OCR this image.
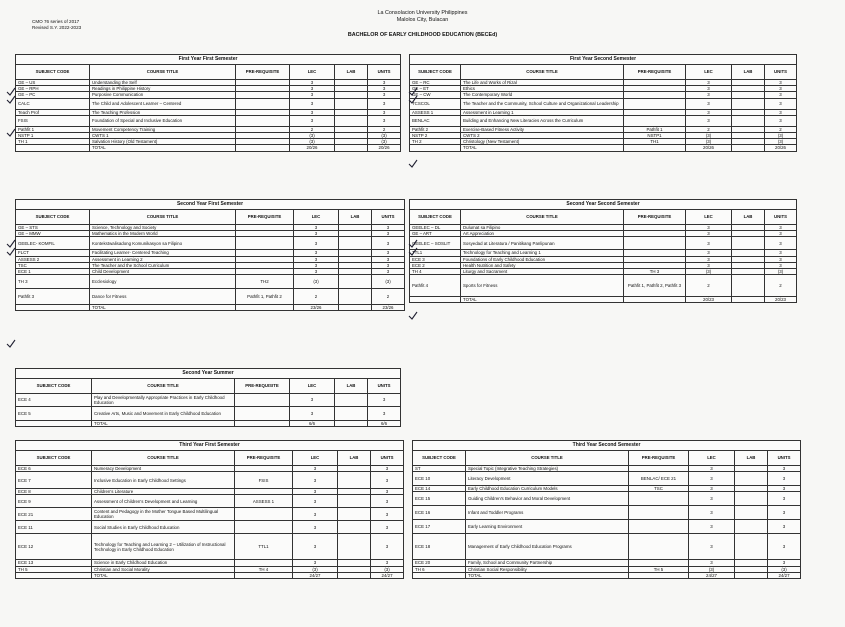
CMO 76 series of 2017
Revised S.Y. 2022-2023
La Consolacion University Philippines
Malolos City, Bulacan
BACHELOR OF EARLY CHILDHOOD EDUCATION (BECEd)
First Year First Semester					
SUBJECT CODE	COURSE TITLE	PRE-REQUISITE	LEC	LAB	UNITS
GE – US	Understanding the Self		3		3
GE – RPH	Readings in Philippine History		3		3
GE – PC	Purposive Communication		3		3
CALC	The Child and Adolescent Learner – Centered		3		3
Teach Prof	The Teaching Profession		3		3
FSIS	Foundation of Special and Inclusive Education		3		3
Pathfit 1	Movement Competency Training		2		2
NSTP 1	CWTS 1		(3)		(3)
TH 1	Salvation History (Old Testament)		(3)		(3)
	TOTAL		20/26		20/26
First Year Second Semester					
SUBJECT CODE	COURSE TITLE	PRE-REQUISITE	LEC	LAB	UNITS
GE – RC	The Life and Works of Rizal		3		3
GE – ET	Ethics		3		3
GE – CW	The Contemporary World		3		3
TCSCOL	The Teacher and the Community, School Culture and Organizational Leadership		3		3
ASSESS 1	Assessment in Learning 1		3		3
BENLAC	Building and Enhancing New Literacies Across the Curriculum		3		3
Pathfit 2	Exercise-Based Fitness Activity	Pathfit 1	2		2
NSTP 2	CWTS 2	NSTP1	(3)		(3)
TH 2	Christology (New Testament)	TH1	(3)		(3)
	TOTAL		20/26		20/26
Second Year First Semester					
SUBJECT CODE	COURSE TITLE	PRE-REQUISITE	LEC	LAB	UNITS
GE – STS	Science, Technology and Society		3		3
GE – MMW	Mathematics in the Modern World		3		3
GEELEC- KOMFIL	Kontekstwalisadong Komunikasyon sa Filipino		3		3
FLCT	Facilitating Learner- Centered Teaching		3		3
ASSESS 2	Assessment in Learning 2		3		3
TSC	The Teacher and the School Curriculum		3		3
ECE 1	Child Development		3		3
TH 3	Ecclesiology	TH2	(3)		(3)
Pathfit 3	Dance for Fitness	Pathfit 1, Pathfit 2	2		2
	TOTAL		23/26		23/26
Second Year Second Semester					
SUBJECT CODE	COURSE TITLE	PRE-REQUISITE	LEC	LAB	UNITS
GEELEC – DL	Dulumat sa Filipino		3		3
GE – ART	Art Appreciation		3		3
GEELEC – SOSLIT	Sosyedad at Literatura / Panitikang Panlipunan		3		3
TTL1	Technology for Teaching and Learning 1		3		3
ECE 3	Foundations of Early Childhood Education		3		3
ECE 2	Health Nutrition and Safety		3		3
TH 4	Liturgy and Sacrament	TH 3	(3)		(3)
Pathfit 4	Sports for Fitness	Pathfit 1, Pathfit 2, Pathfit 3	2		2
	TOTAL		20/23		20/23
Second Year Summer					
SUBJECT CODE	COURSE TITLE	PRE-REQUISITE	LEC	LAB	UNITS
ECE 4	Play and Developmentally Appropriate Practices in Early Childhood Education		3		3
ECE 5	Creative Arts, Music and Movement in Early Childhood Education		3		3
	TOTAL		6/6		6/6
Third Year First Semester					
SUBJECT CODE	COURSE TITLE	PRE-REQUISITE	LEC	LAB	UNITS
ECE 6	Numeracy Development		3		3
ECE 7	Inclusive Education in Early Childhood Settings	FSIS	3		3
ECE 8	Children's Literature		3		3
ECE 9	Assessment of Children's Development and Learning	ASSESS 1	3		3
ECE 21	Content and Pedagogy in the Mother Tongue Based Multilingual Education		3		3
ECE 11	Social Studies in Early Childhood Education		3		3
ECE 12	Technology for Teaching and Learning 2 – Utilization of Instructional Technology in Early Childhood Education	TTL1	3		3
ECE 13	Science in Early Childhood Education		3		3
TH 5	Christian and Social Morality	TH 4	(3)		(3)
	TOTAL		24/27		24/27
Third Year Second Semester					
SUBJECT CODE	COURSE TITLE	PRE-REQUISITE	LEC	LAB	UNITS
ST	Special Topic (Integrative Teaching Strategies)		3		3
ECE 10	Literacy Development	BENLAC/ ECE 21	3		3
ECE 14	Early Childhood Education Curriculum Models	TSC	3		3
ECE 15	Guiding Children's Behavior and Moral Development		3		3
ECE 16	Infant and Toddler Programs		3		3
ECE 17	Early Learning Environment		3		3
ECE 18	Management of Early Childhood Education Programs		3		3
ECE 20	Family, School and Community Partnership		3		3
TH 6	Christian Social Responsibility	TH 5	(3)		(3)
	TOTAL		24/27		24/27
